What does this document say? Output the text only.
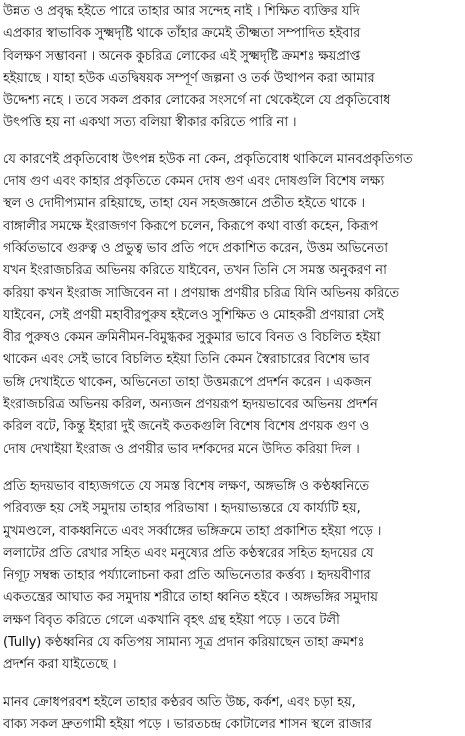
উন্নত ও প্রবৃদ্ধ হইতে পারে তাহার আর সন্দেহ নাই । শিক্ষিত ব্যক্তির যদি
এপ্রকার স্বাভাবিক সুক্ষ্মদৃষ্টি থাকে তাঁহার ক্রমেই তীক্ষ্মতা সম্পাদিত হইবার
বিলক্ষণ সম্ভাবনা । অনেক কুচরিত্র লোকের এই সুক্ষ্মদৃষ্টি ক্রমশঃ ক্ষয়প্রাপ্ত
হইয়াছে । যাহা হউক এতদ্বিষয়ক সম্পূর্ণ জল্পনা ও তর্ক উত্থাপন করা আমার
উদ্দেশ্য নহে । তবে সকল প্রকার লোকের সংসর্গে না থেকেইলে যে প্রকৃতিবোধ
উৎপত্তি হয় না একথা সত্য বলিয়া স্বীকার করিতে পারি না ।
যে কারণেই প্রকৃতিবোধ উৎপন্ন হউক না কেন, প্রকৃতিবোধ থাকিলে মানবপ্রকৃতিগত
দোষ গুণ এবং কাহার প্রকৃতিতে কেমন দোষ গুণ এবং দোষগুলি বিশেষ লক্ষ্য
স্থল ও দোদীপ্যমান রহিয়াছে, তাহা যেন সহজজ্ঞানে প্রতীত হইতে থাকে ।
বাঙ্গালীর সমক্ষে ইংরাজগণ কিরূপে চলেন, কিরূপে কথা বার্ত্তা কহেন, কিরূপ
গর্ব্বিতভাবে গুরুত্ব ও প্রভুত্ব ভাব প্রতি পদে প্রকাশিত করেন, উত্তম অভিনেতা
যখন ইংরাজচরিত্র অভিনয় করিতে যাইবেন, তখন তিনি সে সমস্ত অনুকরণ না
করিয়া কখন ইংরাজ সাজিবেন না । প্রণয়ান্ধ প্রণয়ীর চরিত্র যিনি অভিনয় করিতে
যাইবেন, সেই প্রণয়ী মহাবীরপুরুষ হইলেও সুশিক্ষিত ও মোহকরী প্রণয়ারা সেই
বীর পুরুষও কেমন ক্রমিনীমন-বিমুগ্ধকর সুকুমার ভাবে বিনত ও বিচলিত হইয়া
থাকেন এবং সেই ভাবে বিচলিত হইয়া তিনি কেমন স্বৈরাচারের বিশেষ ভাব
ভঙ্গি দেখাইতে থাকেন, অভিনেতা তাহা উত্তমরূপে প্রদর্শন করেন । একজন
ইংরাজচরিত্র অভিনয় করিল, অন্যজন প্রণয়রূপ হৃদয়ভাবের অভিনয় প্রদর্শন
করিল বটে, কিন্তু ইহারা দুই জনেই কতকগুলি বিশেষ বিশেষ প্রণয়ক গুণ ও
দোষ দেখাইয়া ইংরাজ ও প্রণয়ীর ভাব দর্শকদের মনে উদিত করিয়া দিল ।
প্রতি হৃদয়ভাব বাহ্যজগতে যে সমস্ত বিশেষ লক্ষণ, অঙ্গভঙ্গি ও কণ্ঠধ্বনিতে
পরিব্যক্ত হয় সেই সমুদায় তাহার পরিভাষা । হৃদয়াভ্যন্তরে যে কার্য্যটি হয়,
মুখমণ্ডলে, বাকধ্বনিতে এবং সর্ব্বাঙ্গের ভঙ্গিক্রমে তাহা প্রকাশিত হইয়া পড়ে ।
ললাটের প্রতি রেখার সহিত এবং মনুষ্যের প্রতি কণ্ঠস্বরের সহিত হৃদয়ের যে
নিগূঢ় সম্বন্ধ তাহার পর্য্যালোচনা করা প্রতি অভিনেতার কর্ত্তব্য । হৃদয়বীণার
একতন্ত্রের আঘাত কর সমুদায় শরীরে তাহা ধ্বনিত হইবে । অঙ্গভঙ্গির সমুদায়
লক্ষণ বিবৃত করিতে গেলে একখানি বৃহৎ গ্রন্থ হইয়া পড়ে । তবে টলী
(Tully) কণ্ঠধ্বনির যে কতিপয় সামান্য সূত্র প্রদান করিয়াছেন তাহা ক্রমশঃ
প্রদর্শন করা যাইতেছে ।
মানব ক্রোধপরবশ হইলে তাহার কণ্ঠরব অতি উচ্চ, কর্কশ, এবং চড়া হয়,
বাক্য সকল দ্রুতগামী হইয়া পড়ে । ভারতচন্দ্র কোটালের শাসন স্থলে রাজার
